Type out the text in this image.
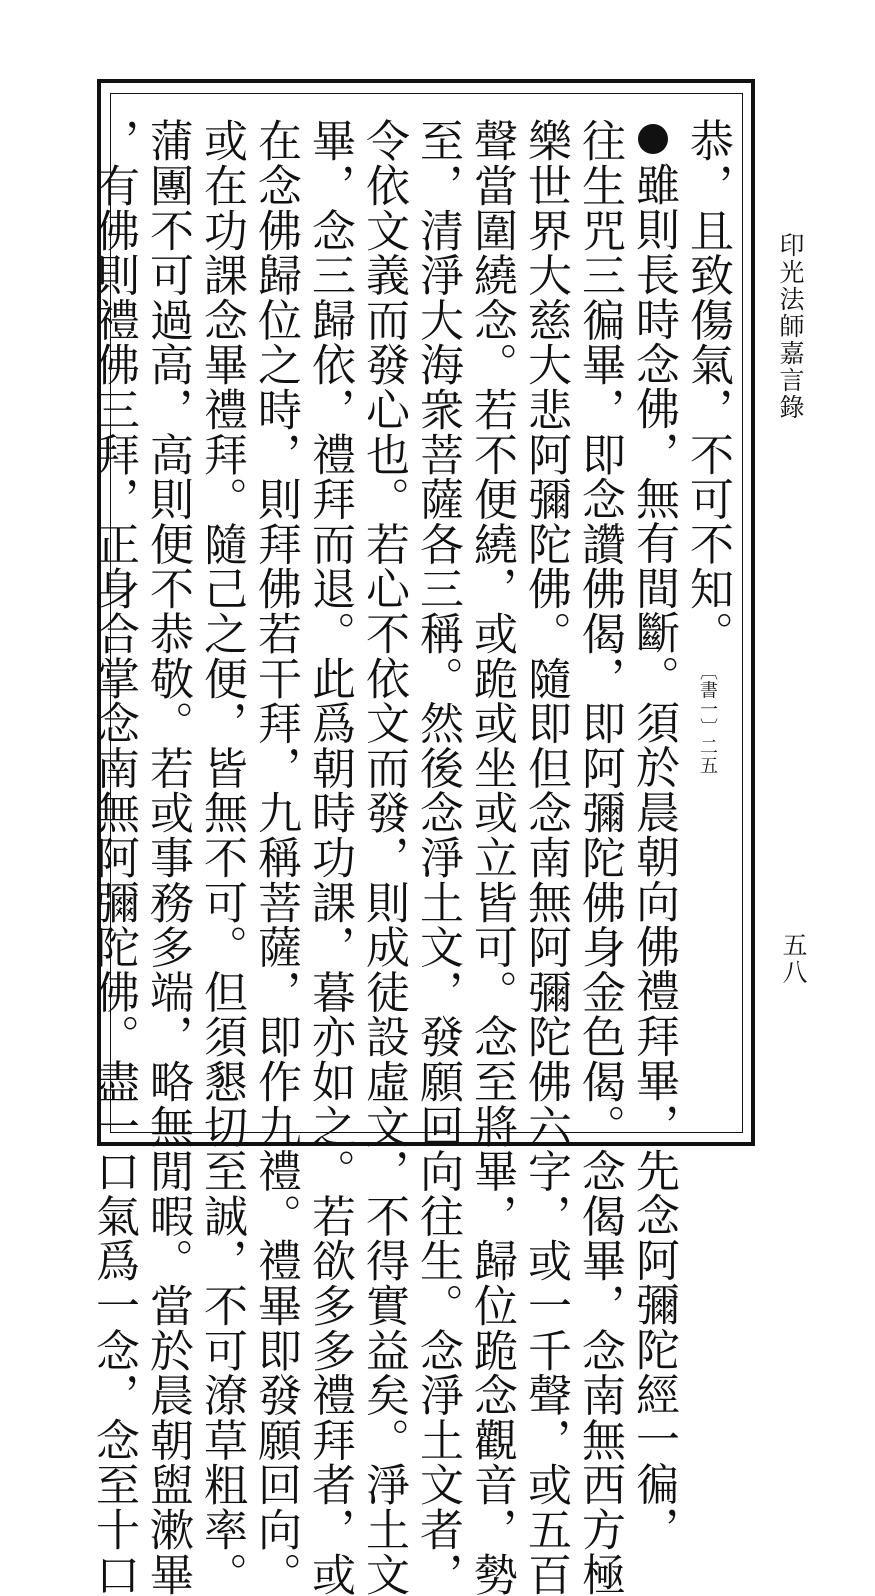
印光法師嘉言錄
五八
恭，且致傷氣，不可不知。〔書一〕二五
雖則長時念佛，無有間斷。須於晨朝向佛禮拜畢，先念阿彌陀經一徧，
往生咒三徧畢，即念讚佛偈，即阿彌陀佛身金色偈。念偈畢，念南無西方極
樂世界大慈大悲阿彌陀佛。隨即但念南無阿彌陀佛六字，或一千聲，或五百
聲當圍繞念。若不便繞，或跪或坐或立皆可。念至將畢，歸位跪念觀音，勢
至，清淨大海衆菩薩各三稱。然後念淨土文，發願回向往生。念淨土文者，
令依文義而發心也。若心不依文而發，則成徒設虛文，不得實益矣。淨土文
畢，念三歸依，禮拜而退。此爲朝時功課，暮亦如之。若欲多多禮拜者，或
在念佛歸位之時，則拜佛若干拜，九稱菩薩，即作九禮。禮畢即發願回向。
或在功課念畢禮拜。隨己之便，皆無不可。但須懇切至誠，不可潦草粗率。
蒲團不可過高，高則便不恭敬。若或事務多端，略無閒暇。當於晨朝盥漱畢
，有佛則禮佛三拜，正身合掌念南無阿彌陀佛。盡一口氣爲一念，念至十口
